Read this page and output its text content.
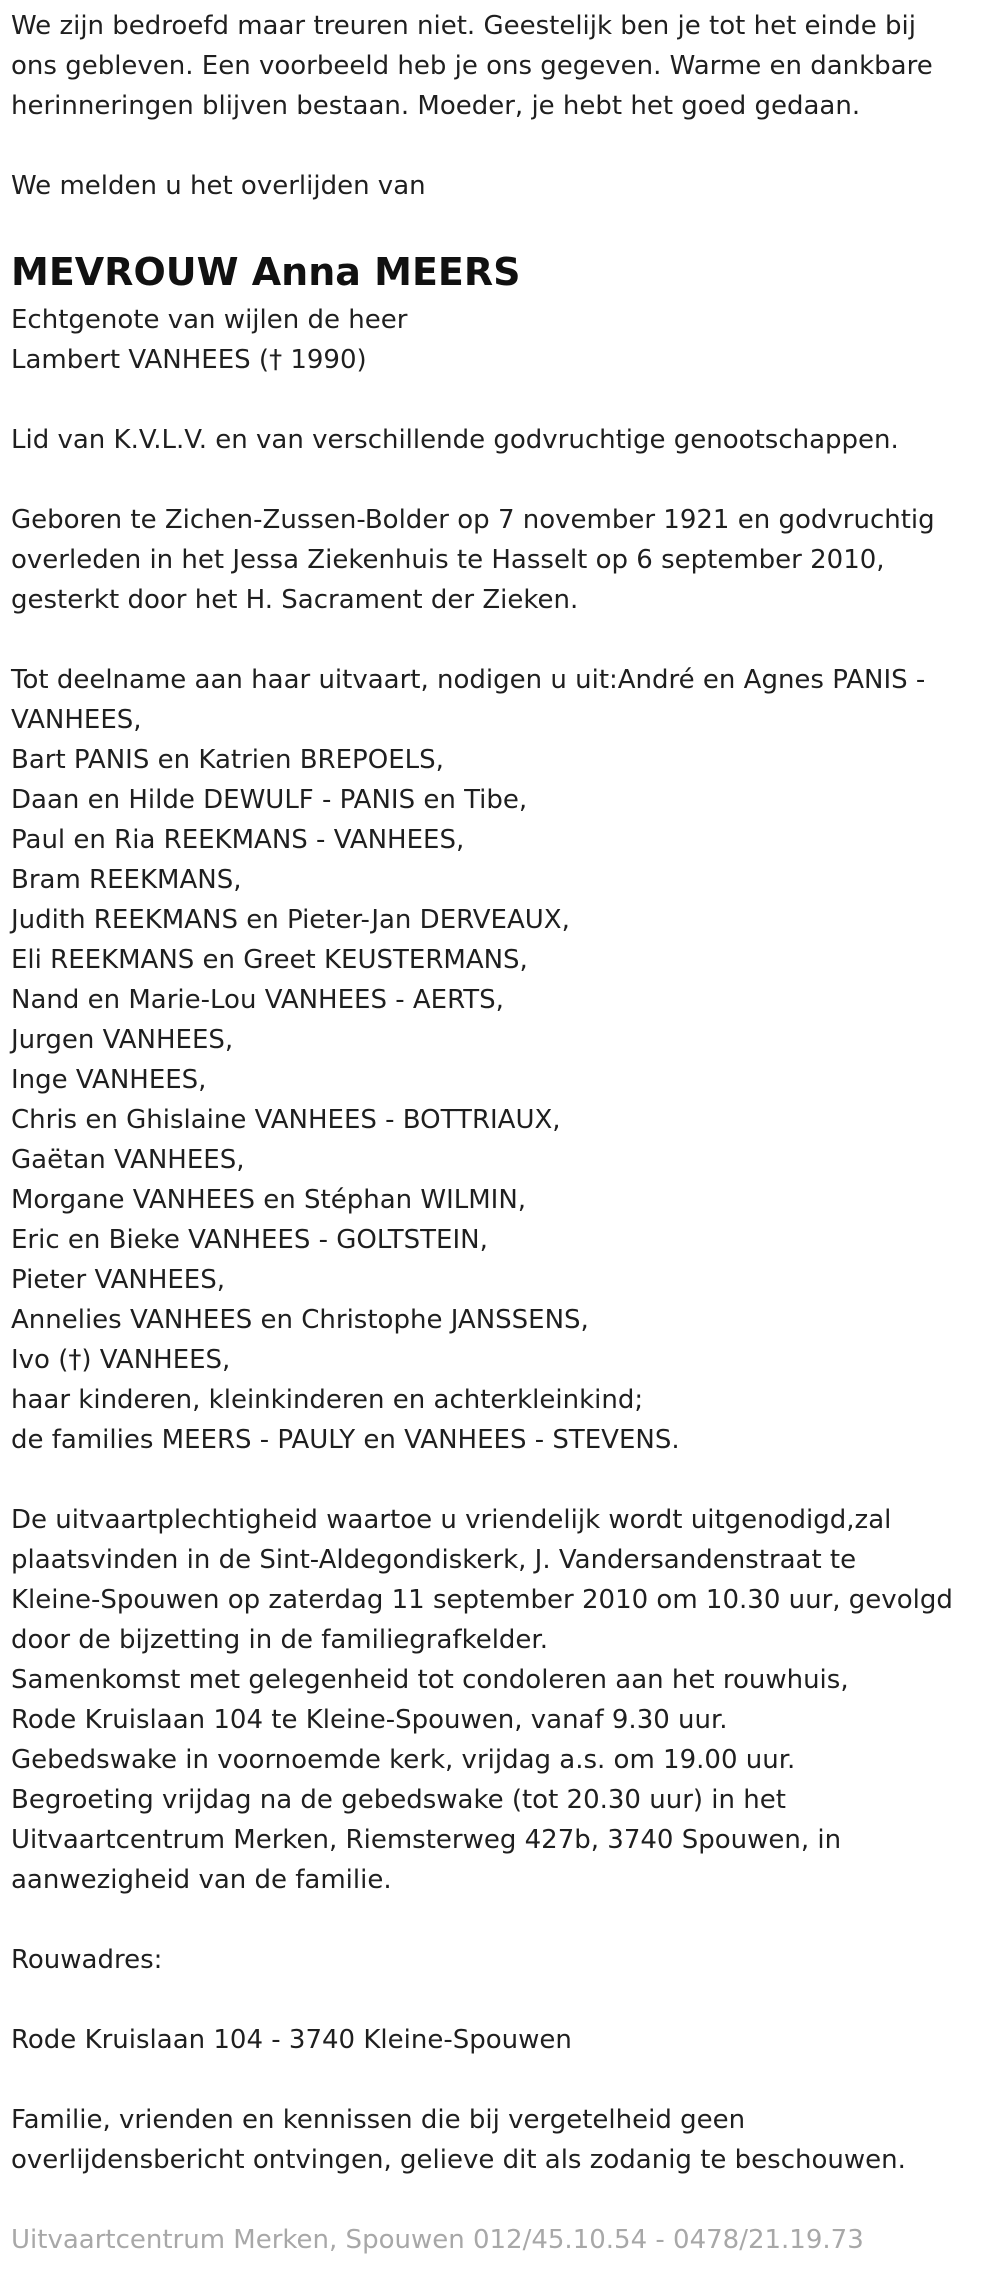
We zijn bedroefd maar treuren niet. Geestelijk ben je tot het einde bij

ons gebleven. Een voorbeeld heb je ons gegeven. Warme en dankbare

herinneringen blijven bestaan. Moeder, je hebt het goed gedaan.

We melden u het overlijden van

MEVROUW Anna MEERS

Echtgenote van wijlen de heer

Lambert VANHEES († 1990)

Lid van K.V.L.V. en van verschillende godvruchtige genootschappen.

Geboren te Zichen-Zussen-Bolder op 7 november 1921 en godvruchtig

overleden in het Jessa Ziekenhuis te Hasselt op 6 september 2010,

gesterkt door het H. Sacrament der Zieken.

Tot deelname aan haar uitvaart, nodigen u uit:André en Agnes PANIS -

VANHEES,

Bart PANIS en Katrien BREPOELS,

Daan en Hilde DEWULF - PANIS en Tibe,

Paul en Ria REEKMANS - VANHEES,

Bram REEKMANS,

Judith REEKMANS en Pieter-Jan DERVEAUX,

Eli REEKMANS en Greet KEUSTERMANS,

Nand en Marie-Lou VANHEES - AERTS,

Jurgen VANHEES,

Inge VANHEES,

Chris en Ghislaine VANHEES - BOTTRIAUX,

Gaëtan VANHEES,

Morgane VANHEES en Stéphan WILMIN,

Eric en Bieke VANHEES - GOLTSTEIN,

Pieter VANHEES,

Annelies VANHEES en Christophe JANSSENS,

Ivo (†) VANHEES,

haar kinderen, kleinkinderen en achterkleinkind;

de families MEERS - PAULY en VANHEES - STEVENS.

De uitvaartplechtigheid waartoe u vriendelijk wordt uitgenodigd,zal

plaatsvinden in de Sint-Aldegondiskerk, J. Vandersandenstraat te

Kleine-Spouwen op zaterdag 11 september 2010 om 10.30 uur, gevolgd

door de bijzetting in de familiegrafkelder.

Samenkomst met gelegenheid tot condoleren aan het rouwhuis,

Rode Kruislaan 104 te Kleine-Spouwen, vanaf 9.30 uur.

Gebedswake in voornoemde kerk, vrijdag a.s. om 19.00 uur.

Begroeting vrijdag na de gebedswake (tot 20.30 uur) in het

Uitvaartcentrum Merken, Riemsterweg 427b, 3740 Spouwen, in

aanwezigheid van de familie.

Rouwadres:

Rode Kruislaan 104 - 3740 Kleine-Spouwen

Familie, vrienden en kennissen die bij vergetelheid geen

overlijdensbericht ontvingen, gelieve dit als zodanig te beschouwen.

Uitvaartcentrum Merken, Spouwen 012/45.10.54 - 0478/21.19.73
